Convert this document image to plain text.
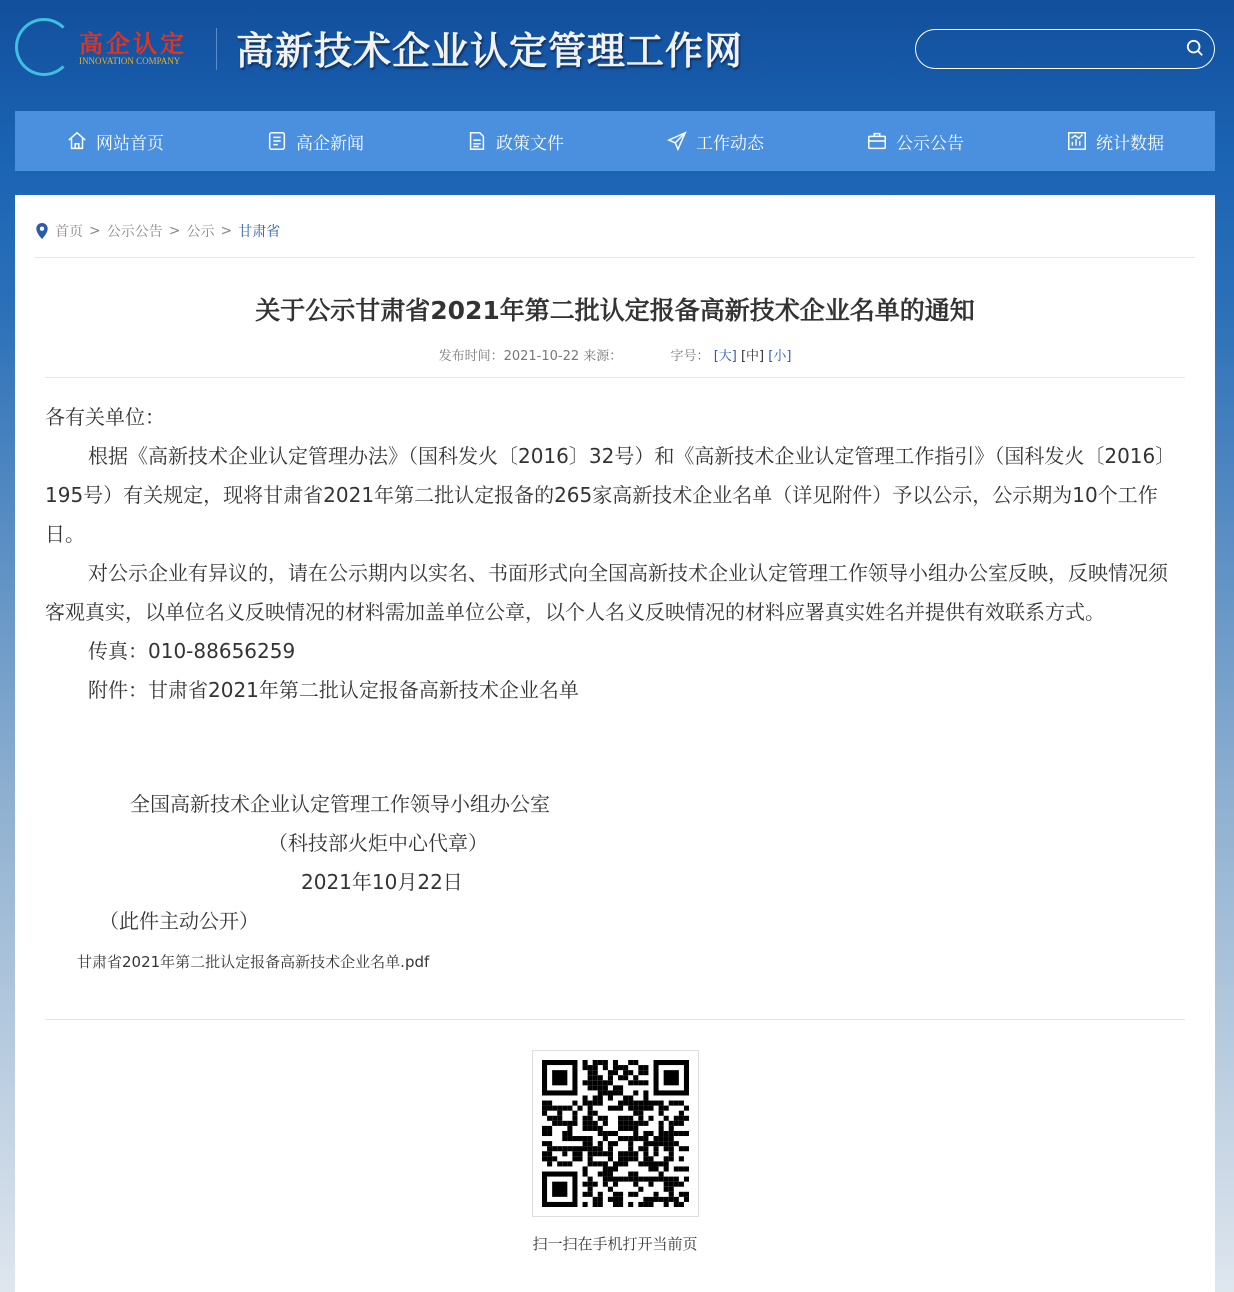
高企认定
INNOVATION COMPANY 高新技术企业认定管理工作网
网站首页	高企新闻	政策文件	工作动态	公示公告	统计数据
首页 > 公示公告 > 公示 > 甘肃省
关于公示甘肃省2021年第二批认定报备高新技术企业名单的通知
发布时间：2021-10-22 来源：	字号： [大] [中] [小]

各有关单位：

根据《高新技术企业认定管理办法》（国科发火〔2016〕32号）和《高新技术企业认定管理工作指引》（国科发火〔2016〕195号）有关规定，现将甘肃省2021年第二批认定报备的265家高新技术企业名单（详见附件）予以公示，公示期为10个工作日。

对公示企业有异议的，请在公示期内以实名、书面形式向全国高新技术企业认定管理工作领导小组办公室反映，反映情况须客观真实，以单位名义反映情况的材料需加盖单位公章，以个人名义反映情况的材料应署真实姓名并提供有效联系方式。

传真：010-88656259

附件：甘肃省2021年第二批认定报备高新技术企业名单

全国高新技术企业认定管理工作领导小组办公室
（科技部火炬中心代章）
2021年10月22日
（此件主动公开）
甘肃省2021年第二批认定报备高新技术企业名单.pdf
扫一扫在手机打开当前页
